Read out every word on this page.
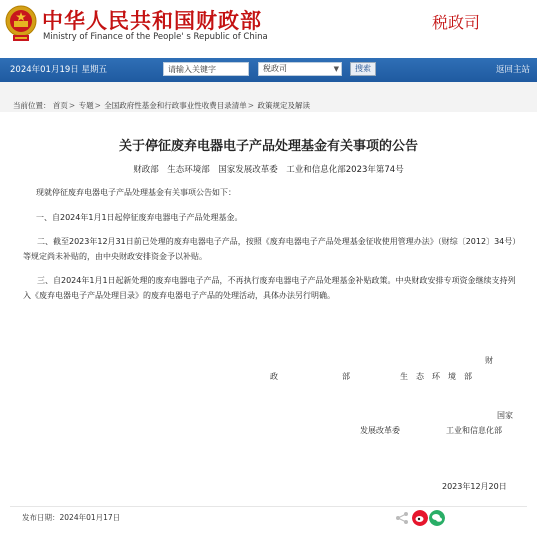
中华人民共和国财政部
Ministry of Finance of the People' s Republic of China
税政司
2024年01月19日 星期五	请输入关键字	税政司	▼	搜索	返回主站
当前位置： 首页> 专题> 全国政府性基金和行政事业性收费目录清单> 政策规定及解读
关于停征废弃电器电子产品处理基金有关事项的公告
财政部　生态环境部　国家发展改革委　工业和信息化部2023年第74号
现就停征废弃电器电子产品处理基金有关事项公告如下：
一、自2024年1月1日起停征废弃电器电子产品处理基金。
二、截至2023年12月31日前已处理的废弃电器电子产品，按照《废弃电器电子产品处理基金征收使用管理办法》（财综〔2012〕34号）等规定尚未补贴的，由中央财政安排资金予以补贴。
三、自2024年1月1日起新处理的废弃电器电子产品，不再执行废弃电器电子产品处理基金补贴政策。中央财政安排专项资金继续支持列入《废弃电器电子产品处理目录》的废弃电器电子产品的处理活动，具体办法另行明确。
财
政	部	生　态　环　境　部
国家
发展改革委	工业和信息化部
2023年12月20日
发布日期：2024年01月17日
